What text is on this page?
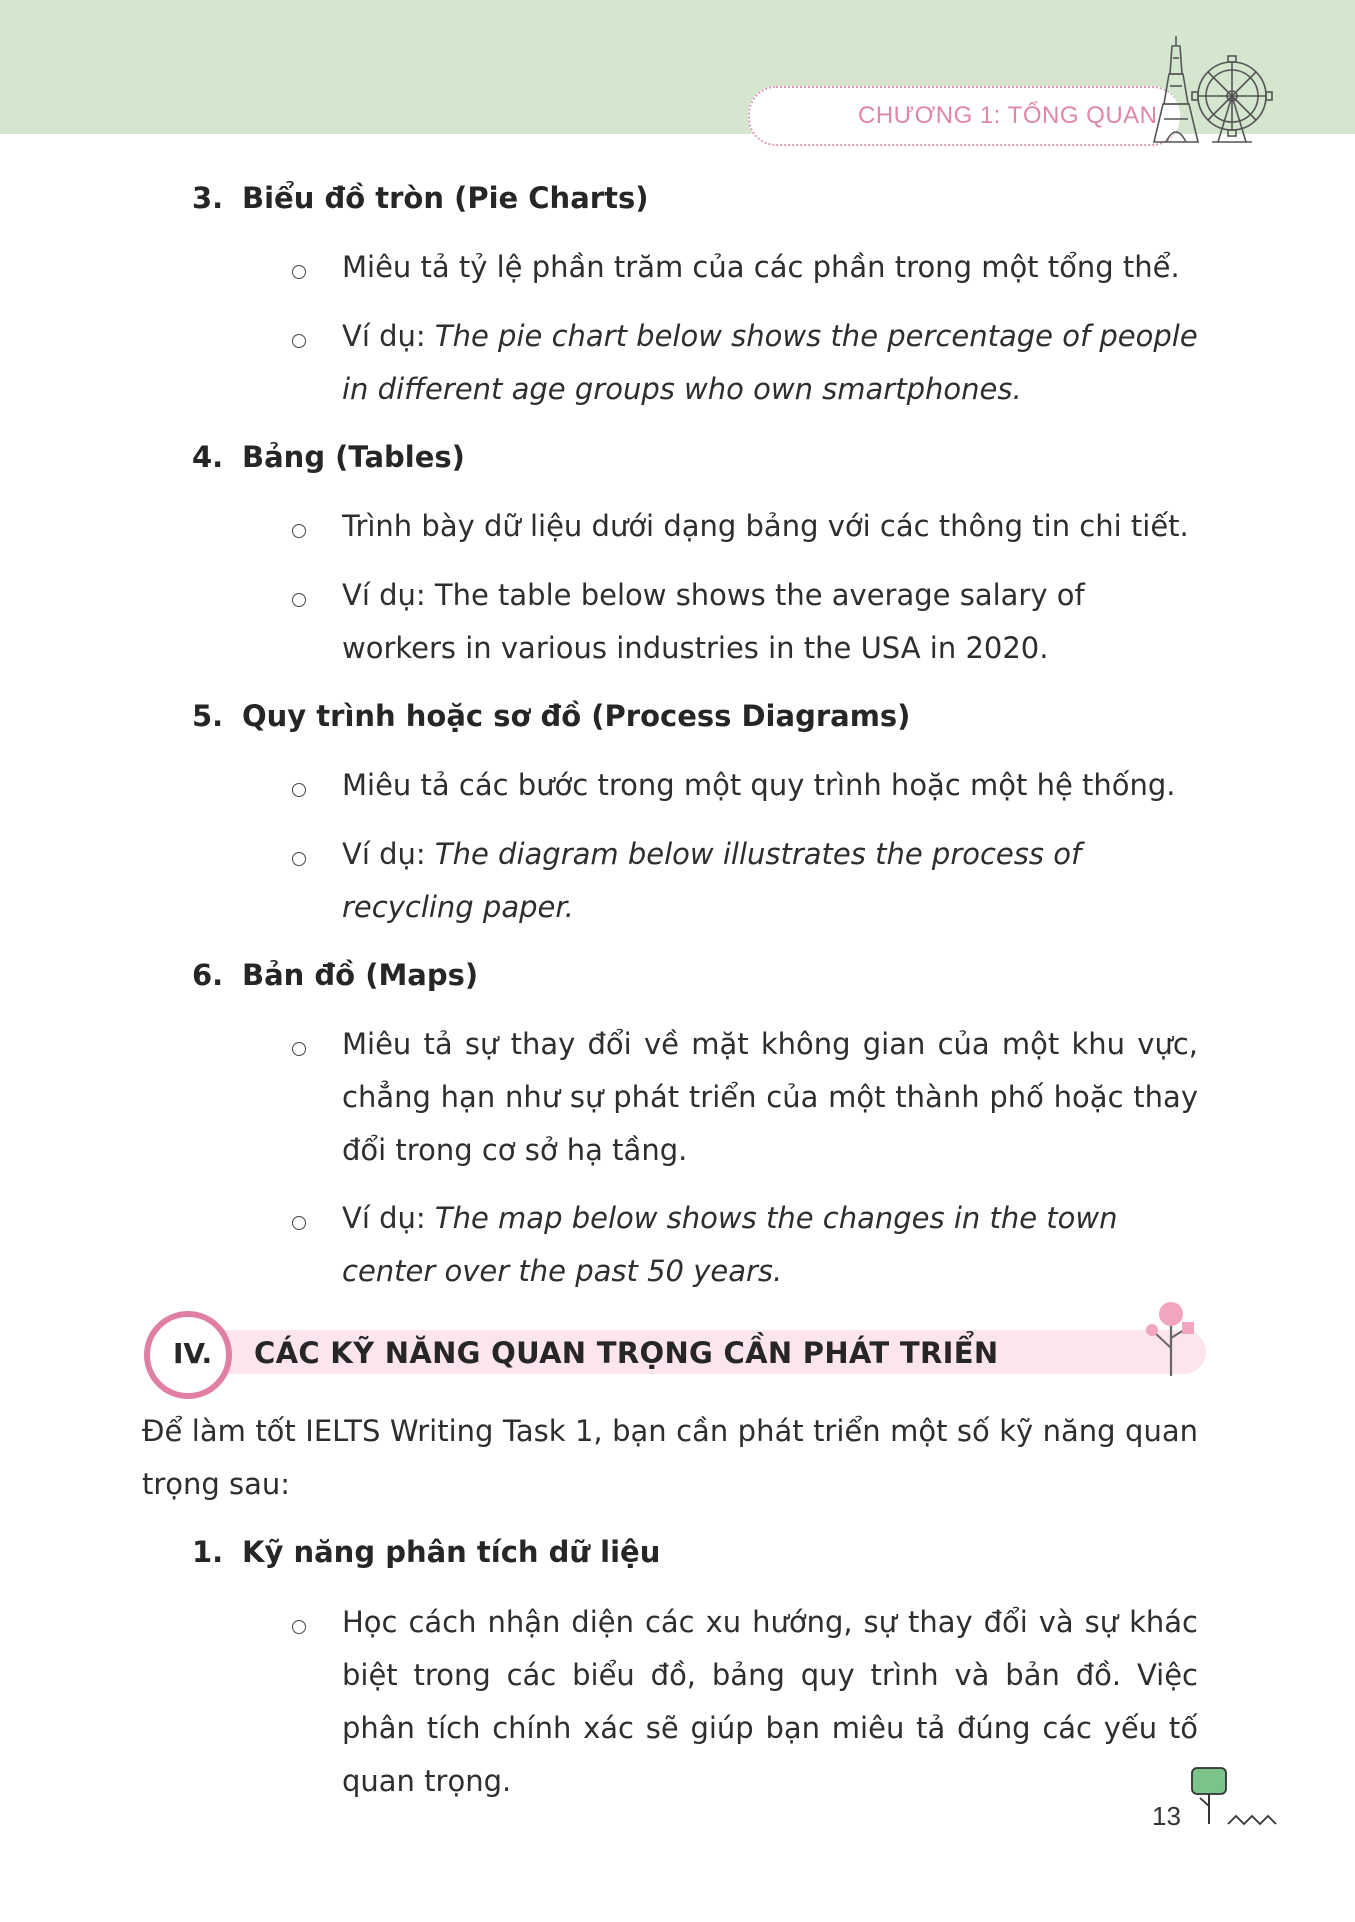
CHƯƠNG 1: TỔNG QUAN
3. Biểu đồ tròn (Pie Charts)

Miêu tả tỷ lệ phần trăm của các phần trong một tổng thể.

Ví dụ: The pie chart below shows the percentage of people in different age groups who own smartphones.

4. Bảng (Tables)

Trình bày dữ liệu dưới dạng bảng với các thông tin chi tiết.

Ví dụ: The table below shows the average salary of workers in various industries in the USA in 2020.

5. Quy trình hoặc sơ đồ (Process Diagrams)

Miêu tả các bước trong một quy trình hoặc một hệ thống.

Ví dụ: The diagram below illustrates the process of recycling paper.

6. Bản đồ (Maps)

Miêu tả sự thay đổi về mặt không gian của một khu vực, chẳng hạn như sự phát triển của một thành phố hoặc thay đổi trong cơ sở hạ tầng.

Ví dụ: The map below shows the changes in the town center over the past 50 years.

IV. CÁC KỸ NĂNG QUAN TRỌNG CẦN PHÁT TRIỂN

Để làm tốt IELTS Writing Task 1, bạn cần phát triển một số kỹ năng quan trọng sau:

1. Kỹ năng phân tích dữ liệu

Học cách nhận diện các xu hướng, sự thay đổi và sự khác biệt trong các biểu đồ, bảng quy trình và bản đồ. Việc phân tích chính xác sẽ giúp bạn miêu tả đúng các yếu tố quan trọng.

13
